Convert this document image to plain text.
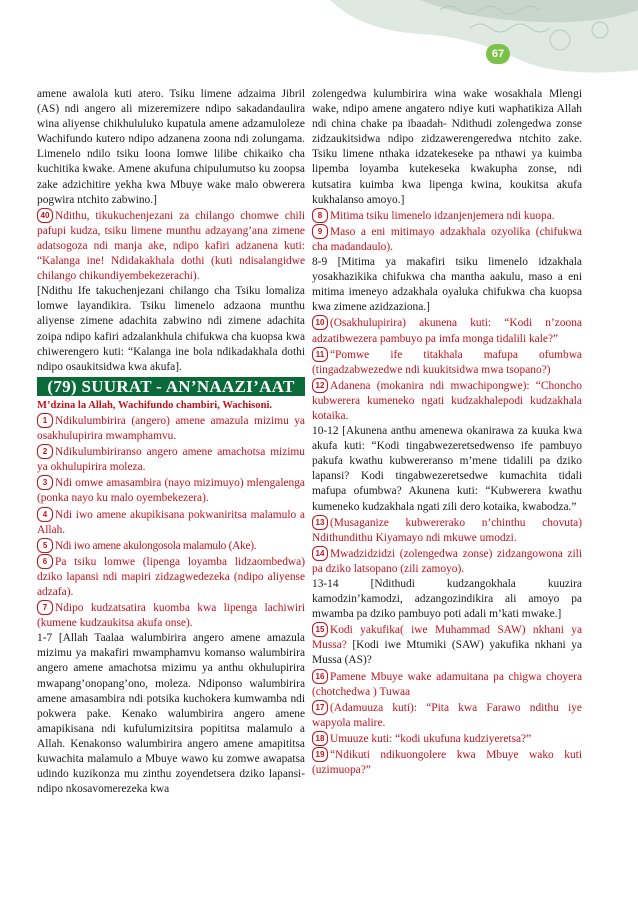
67

amene awalola kuti atero. Tsiku limene adzaima Jibril (AS) ndi angero ali mizeremizere ndipo sakadandaulira wina aliyense chikhululuko kupatula amene adzamuloleze Wachifundo kutero ndipo adzanena zoona ndi zolungama. Limenelo ndilo tsiku loona lomwe lilibe chikaiko cha kuchitika kwake. Amene akufuna chipulumutso ku zoopsa zake adzichitire yekha kwa Mbuye wake malo obwerera pogwira ntchito zabwino.]

40 Ndithu, tikukuchenjezani za chilango chomwe chili pafupi kudza, tsiku limene munthu adzayang’ana zimene adatsogoza ndi manja ake, ndipo kafiri adzanena kuti: “Kalanga ine! Ndidakakhala dothi (kuti ndisalangidwe chilango chikundiyembekezerachi).

[Ndithu Ife takuchenjezani chilango cha Tsiku lomaliza lomwe layandikira. Tsiku limenelo adzaona munthu aliyense zimene adachita zabwino ndi zimene adachita zoipa ndipo kafiri adzalankhula chifukwa cha kuopsa kwa chiwerengero kuti: “Kalanga ine bola ndikadakhala dothi ndipo osaukitsidwa kwa akufa].

(79) SUURAT - AN’NAAZI’AAT
M’dzina la Allah, Wachifundo chambiri, Wachisoni.

1 Ndikulumbirira (angero) amene amazula mizimu ya osakhulupirira mwamphamvu.

2 Ndikulumbiriranso angero amene amachotsa mizimu ya okhulupirira moleza.

3 Ndi omwe amasambira (nayo mizimuyo) mlengalenga (ponka nayo ku malo oyembekezera).

4 Ndi iwo amene akupikisana pokwaniritsa malamulo a Allah.

5 Ndi iwo amene akulongosola malamulo (Ake).

6 Pa tsiku lomwe (lipenga loyamba lidzaombedwa) dziko lapansi ndi mapiri zidzagwedezeka (ndipo aliyense adzafa).

7 Ndipo kudzatsatira kuomba kwa lipenga lachiwiri (kumene kudzaukitsa akufa onse).

1-7 [Allah Taalaa walumbirira angero amene amazula mizimu ya makafiri mwamphamvu komanso walumbirira angero amene amachotsa mizimu ya anthu okhulupirira mwapang’onopang’ono, moleza. Ndiponso walumbirira amene amasambira ndi potsika kuchokera kumwamba ndi pokwera pake. Kenako walumbirira angero amene amapikisana ndi kufulumizitsira popititsa malamulo a Allah. Kenakonso walumbirira angero amene amapititsa kuwachita malamulo a Mbuye wawo ku zomwe awapatsa udindo kuzikonza mu zinthu zoyendetsera dziko lapansi- ndipo nkosavomerezeka kwa

zolengedwa kulumbirira wina wake wosakhala Mlengi wake, ndipo amene angatero ndiye kuti waphatikiza Allah ndi china chake pa ibaadah- Ndithudi zolengedwa zonse zidzaukitsidwa ndipo zidzawerengeredwa ntchito zake. Tsiku limene nthaka idzatekeseke pa nthawi ya kuimba lipemba loyamba kutekeseka kwakupha zonse, ndi kutsatira kuimba kwa lipenga kwina, koukitsa akufa kukhalanso amoyo.]

8 Mitima tsiku limenelo idzanjenjemera ndi kuopa.

9 Maso a eni mitimayo adzakhala ozyolika (chifukwa cha madandaulo).

8-9 [Mitima ya makafiri tsiku limenelo idzakhala yosakhazikika chifukwa cha mantha aakulu, maso a eni mitima imeneyo adzakhala oyaluka chifukwa cha kuopsa kwa zimene azidzaziona.]

10 (Osakhulupirira) akunena kuti: “Kodi n’zoona adzatibwezera pambuyo pa imfa monga tidalili kale?”

11 “Pomwe ife titakhala mafupa ofumbwa (tingadzabwezedwe ndi kuukitsidwa mwa tsopano?)

12 Adanena (mokanira ndi mwachipongwe): “Choncho kubwerera kumeneko ngati kudzakhalepodi kudzakhala kotaika.

10-12 [Akunena anthu amenewa okanirawa za kuuka kwa akufa kuti: “Kodi tingabwezeretsedwenso ife pambuyo pakufa kwathu kubwereranso m’mene tidalili pa dziko lapansi? Kodi tingabwezeretsedwe kumachita tidali mafupa ofumbwa? Akunena kuti: “Kubwerera kwathu kumeneko kudzakhala ngati zili dero kotaika, kwabodza.”

13 (Musaganize kubwererako n’chinthu chovuta) Ndithundithu Kiyamayo ndi mkuwe umodzi.

14 Mwadzidzidzi (zolengedwa zonse) zidzangowona zili pa dziko latsopano (zili zamoyo).

13-14 [Ndithudi kudzangokhala kuuzira kamodzin’kamodzi, adzangozindikira ali amoyo pa mwamba pa dziko pambuyo poti adali m’kati mwake.]

15 Kodi yakufika( iwe Muhammad SAW) nkhani ya Mussa? [Kodi iwe Mtumiki (SAW) yakufika nkhani ya Mussa (AS)?

16 Pamene Mbuye wake adamuitana pa chigwa choyera (chotchedwa ) Tuwaa

17 (Adamuuza kuti): “Pita kwa Farawo ndithu iye wapyola malire.

18 Umuuze kuti: “kodi ukufuna kudziyeretsa?”

19 “Ndikuti ndikuongolere kwa Mbuye wako kuti (uzimuopa?”
